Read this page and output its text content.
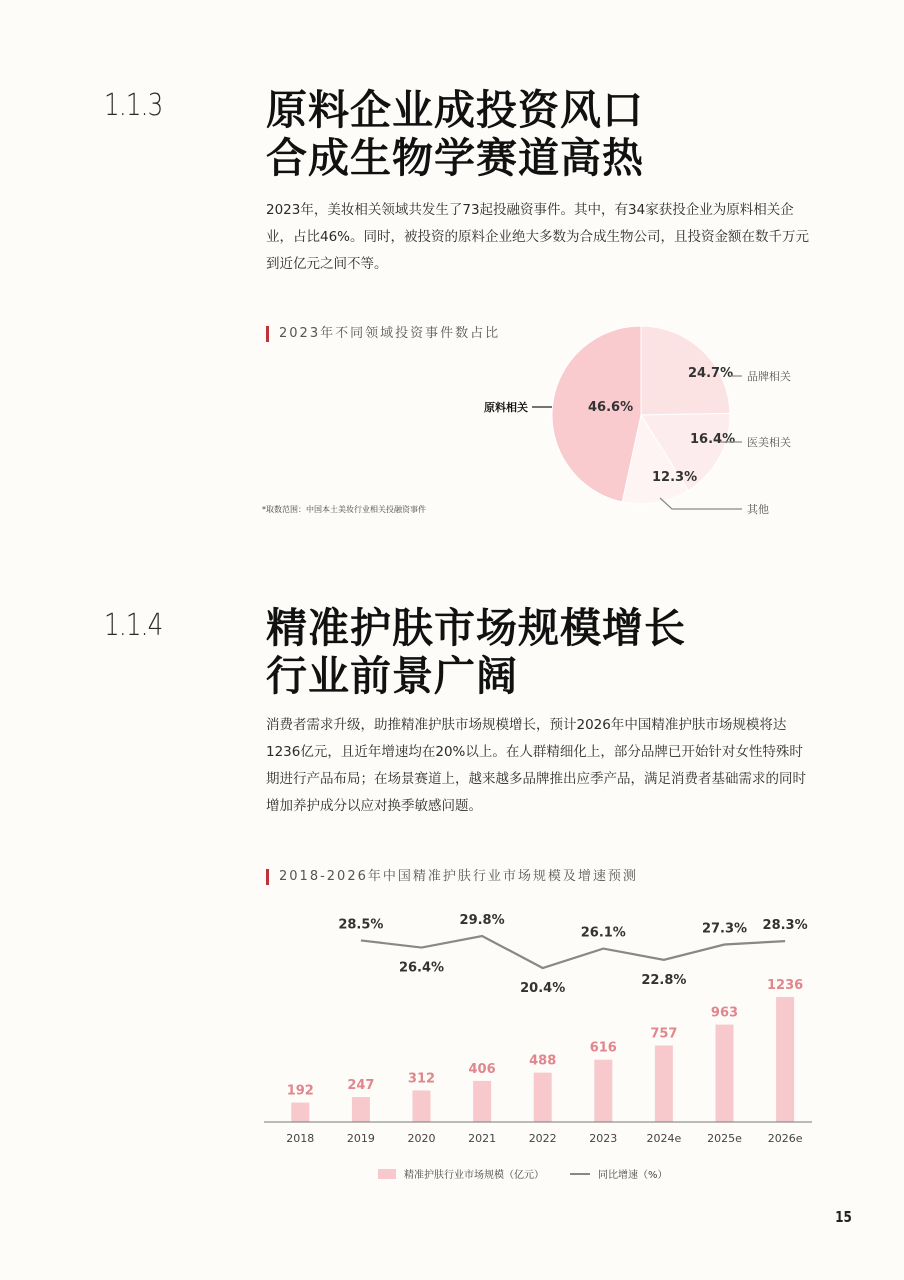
1.1.3	原料企业成投资风口
合成生物学赛道高热

2023年，美妆相关领域共发生了73起投融资事件。其中，有34家获投企业为原料相关企业，占比46%。同时，被投资的原料企业绝大多数为合成生物公司，且投资金额在数千万元到近亿元之间不等。

2023年不同领域投资事件数占比
24.7% 品牌相关
16.4% 医美相关
12.3%
其他
46.6%
原料相关
*取数范围：中国本土美妆行业相关投融资事件
1.1.4	精准护肤市场规模增长
行业前景广阔

消费者需求升级，助推精准护肤市场规模增长，预计2026年中国精准护肤市场规模将达1236亿元，且近年增速均在20%以上。在人群精细化上，部分品牌已开始针对女性特殊时期进行产品布局；在场景赛道上，越来越多品牌推出应季产品，满足消费者基础需求的同时增加养护成分以应对换季敏感问题。

2018-2026年中国精准护肤行业市场规模及增速预测
192	247	312
406
488
616
757
963
1236
28.5%
26.4%
29.8%
20.4%
26.1%
22.8%
27.3% 28.3%
2018	2019	2020	2021	2022	2023	2024e 2025e 2026e
精准护肤行业市场规模（亿元）	同比增速（%）
15
